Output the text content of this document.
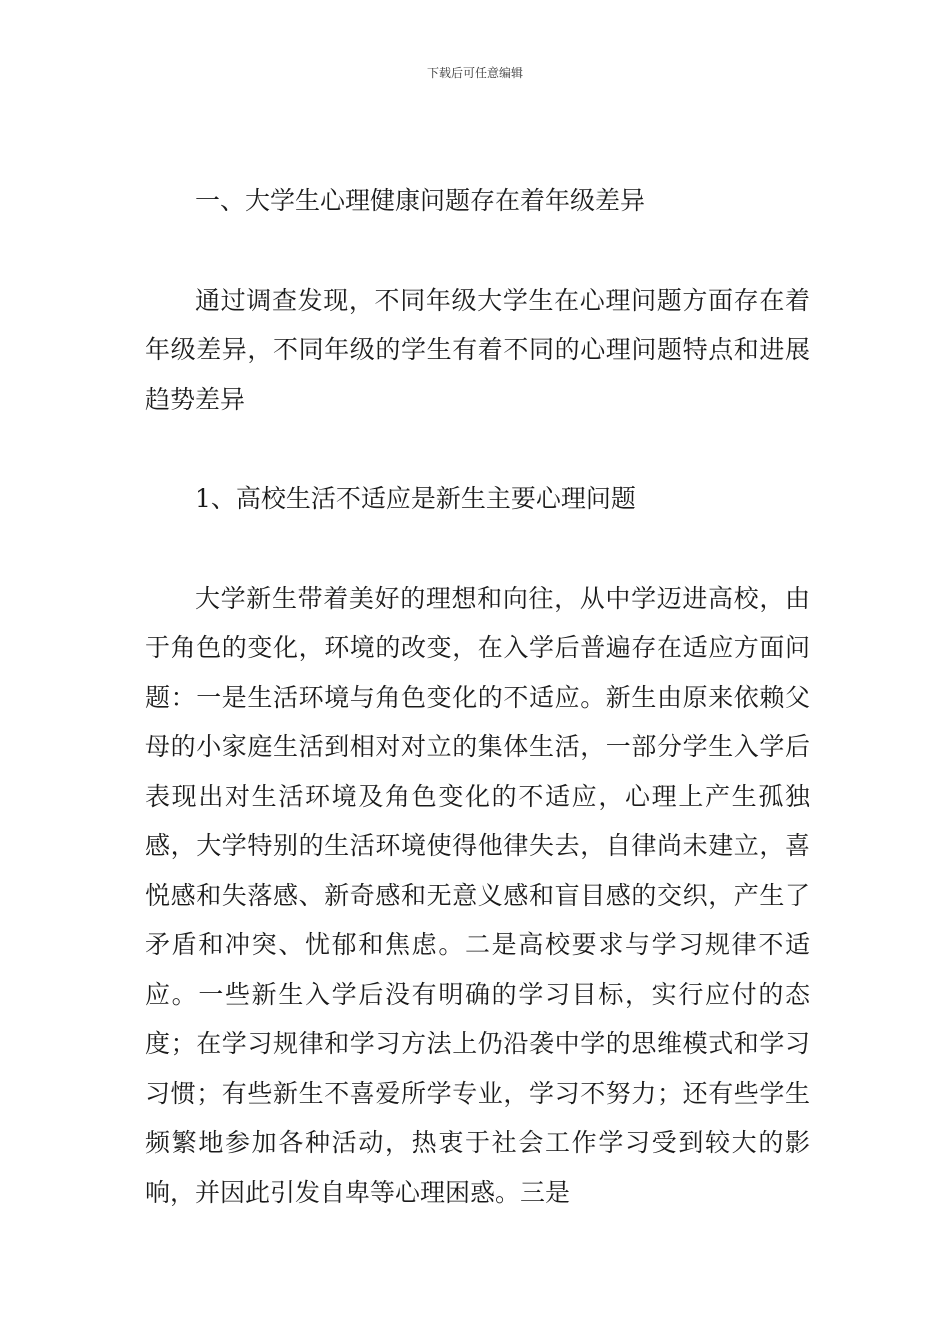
下载后可任意编辑

一、大学生心理健康问题存在着年级差异

通过调查发现，不同年级大学生在心理问题方面存在着年级差异，不同年级的学生有着不同的心理问题特点和进展趋势差异

1、高校生活不适应是新生主要心理问题

大学新生带着美好的理想和向往，从中学迈进高校，由于角色的变化，环境的改变，在入学后普遍存在适应方面问题：一是生活环境与角色变化的不适应。新生由原来依赖父母的小家庭生活到相对对立的集体生活，一部分学生入学后表现出对生活环境及角色变化的不适应，心理上产生孤独感，大学特别的生活环境使得他律失去，自律尚未建立，喜悦感和失落感、新奇感和无意义感和盲目感的交织，产生了矛盾和冲突、忧郁和焦虑。二是高校要求与学习规律不适应。一些新生入学后没有明确的学习目标，实行应付的态度；在学习规律和学习方法上仍沿袭中学的思维模式和学习习惯；有些新生不喜爱所学专业，学习不努力；还有些学生频繁地参加各种活动，热衷于社会工作学习受到较大的影响，并因此引发自卑等心理困惑。三是
